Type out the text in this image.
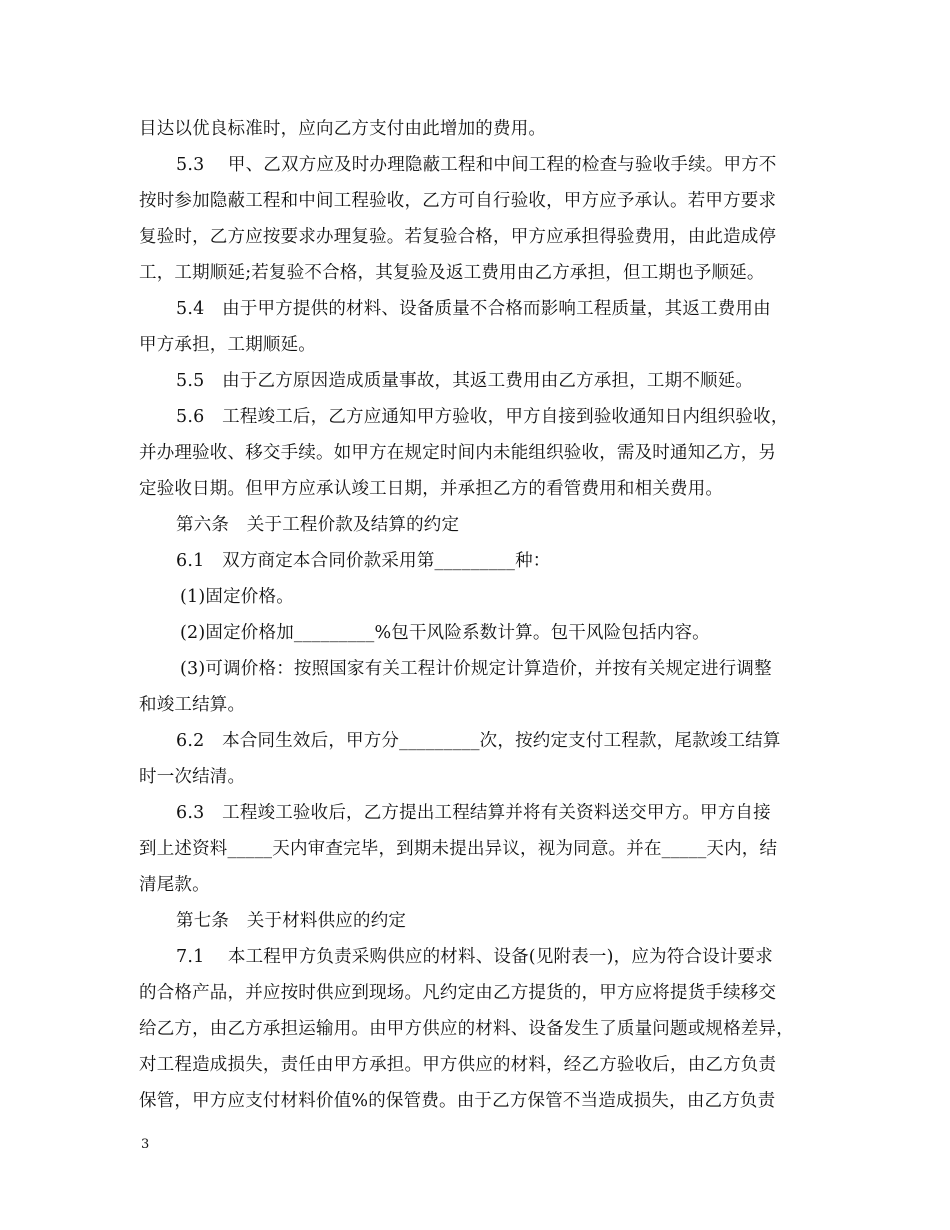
目达以优良标准时，应向乙方支付由此增加的费用。
5.3　 甲、乙双方应及时办理隐蔽工程和中间工程的检查与验收手续。甲方不
按时参加隐蔽工程和中间工程验收，乙方可自行验收，甲方应予承认。若甲方要求
复验时，乙方应按要求办理复验。若复验合格，甲方应承担得验费用，由此造成停
工，工期顺延;若复验不合格，其复验及返工费用由乙方承担，但工期也予顺延。
5.4　由于甲方提供的材料、设备质量不合格而影响工程质量，其返工费用由
甲方承担，工期顺延。
5.5　由于乙方原因造成质量事故，其返工费用由乙方承担，工期不顺延。
5.6　工程竣工后，乙方应通知甲方验收，甲方自接到验收通知日内组织验收，
并办理验收、移交手续。如甲方在规定时间内未能组织验收，需及时通知乙方，另
定验收日期。但甲方应承认竣工日期，并承担乙方的看管费用和相关费用。
第六条　关于工程价款及结算的约定
6.1　双方商定本合同价款采用第_________种：
(1)固定价格。
(2)固定价格加_________%包干风险系数计算。包干风险包括内容。
(3)可调价格：按照国家有关工程计价规定计算造价，并按有关规定进行调整
和竣工结算。
6.2　本合同生效后，甲方分_________次，按约定支付工程款，尾款竣工结算
时一次结清。
6.3　工程竣工验收后，乙方提出工程结算并将有关资料送交甲方。甲方自接
到上述资料_____天内审查完毕，到期未提出异议，视为同意。并在_____天内，结
清尾款。
第七条　关于材料供应的约定
7.1　 本工程甲方负责采购供应的材料、设备(见附表一)，应为符合设计要求
的合格产品，并应按时供应到现场。凡约定由乙方提货的，甲方应将提货手续移交
给乙方，由乙方承担运输用。由甲方供应的材料、设备发生了质量问题或规格差异，
对工程造成损失，责任由甲方承担。甲方供应的材料，经乙方验收后，由乙方负责
保管，甲方应支付材料价值%的保管费。由于乙方保管不当造成损失，由乙方负责
3
